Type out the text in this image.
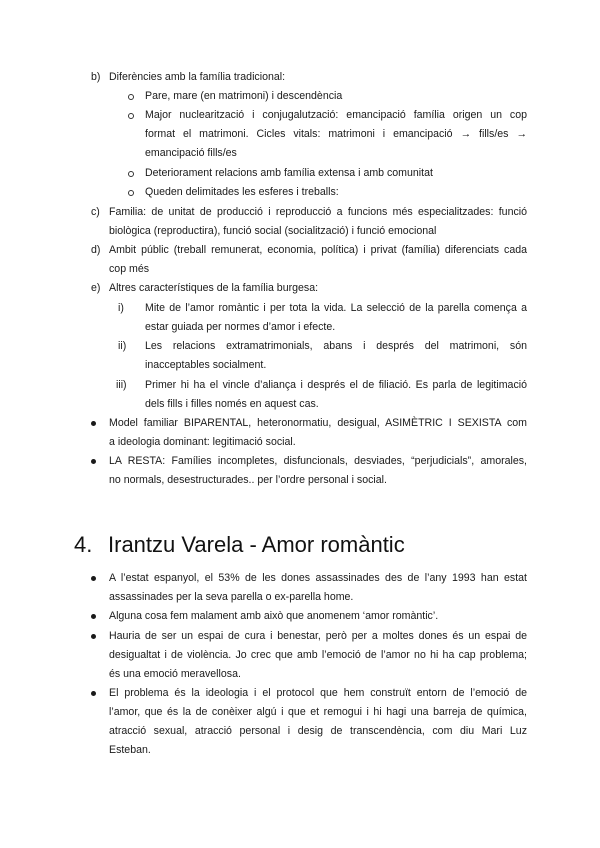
b) Diferències amb la família tradicional:
Pare, mare (en matrimoni) i descendència
Major nuclearització i conjugalutzació: emancipació família origen un cop
format el matrimoni. Cicles vitals: matrimoni i emancipació → fills/es →
emancipació fills/es
Deteriorament relacions amb família extensa i amb comunitat
Queden delimitades les esferes i treballs:
c) Familia: de unitat de producció i reproducció a funcions més especialitzades: funció
biològica (reproductira), funció social (socialització) i funció emocional
d) Ambit públic (treball remunerat, economia, política) i privat (família) diferenciats cada
cop més
e) Altres característiques de la família burgesa:
i) Mite de l’amor romàntic i per tota la vida. La selecció de la parella comença a
estar guiada per normes d’amor i efecte.
ii) Les relacions extramatrimonials, abans i després del matrimoni, són
inacceptables socialment.
iii) Primer hi ha el vincle d’aliança i després el de filiació. Es parla de legitimació
dels fills i filles només en aquest cas.
Model familiar BIPARENTAL, heteronormatiu, desigual, ASIMÈTRIC I SEXISTA com
a ideologia dominant: legitimació social.
LA RESTA: Famílies incompletes, disfuncionals, desviades, “perjudicials”, amorales,
no normals, desestructurades.. per l’ordre personal i social.
4. Irantzu Varela - Amor romàntic
A l’estat espanyol, el 53% de les dones assassinades des de l’any 1993 han estat
assassinades per la seva parella o ex-parella home.
Alguna cosa fem malament amb això que anomenem ‘amor romàntic’.
Hauria de ser un espai de cura i benestar, però per a moltes dones és un espai de
desigualtat i de violència. Jo crec que amb l’emoció de l’amor no hi ha cap problema;
és una emoció meravellosa.
El problema és la ideologia i el protocol que hem construït entorn de l’emoció de
l’amor, que és la de conèixer algú i que et remogui i hi hagi una barreja de química,
atracció sexual, atracció personal i desig de transcendència, com diu Mari Luz
Esteban.
